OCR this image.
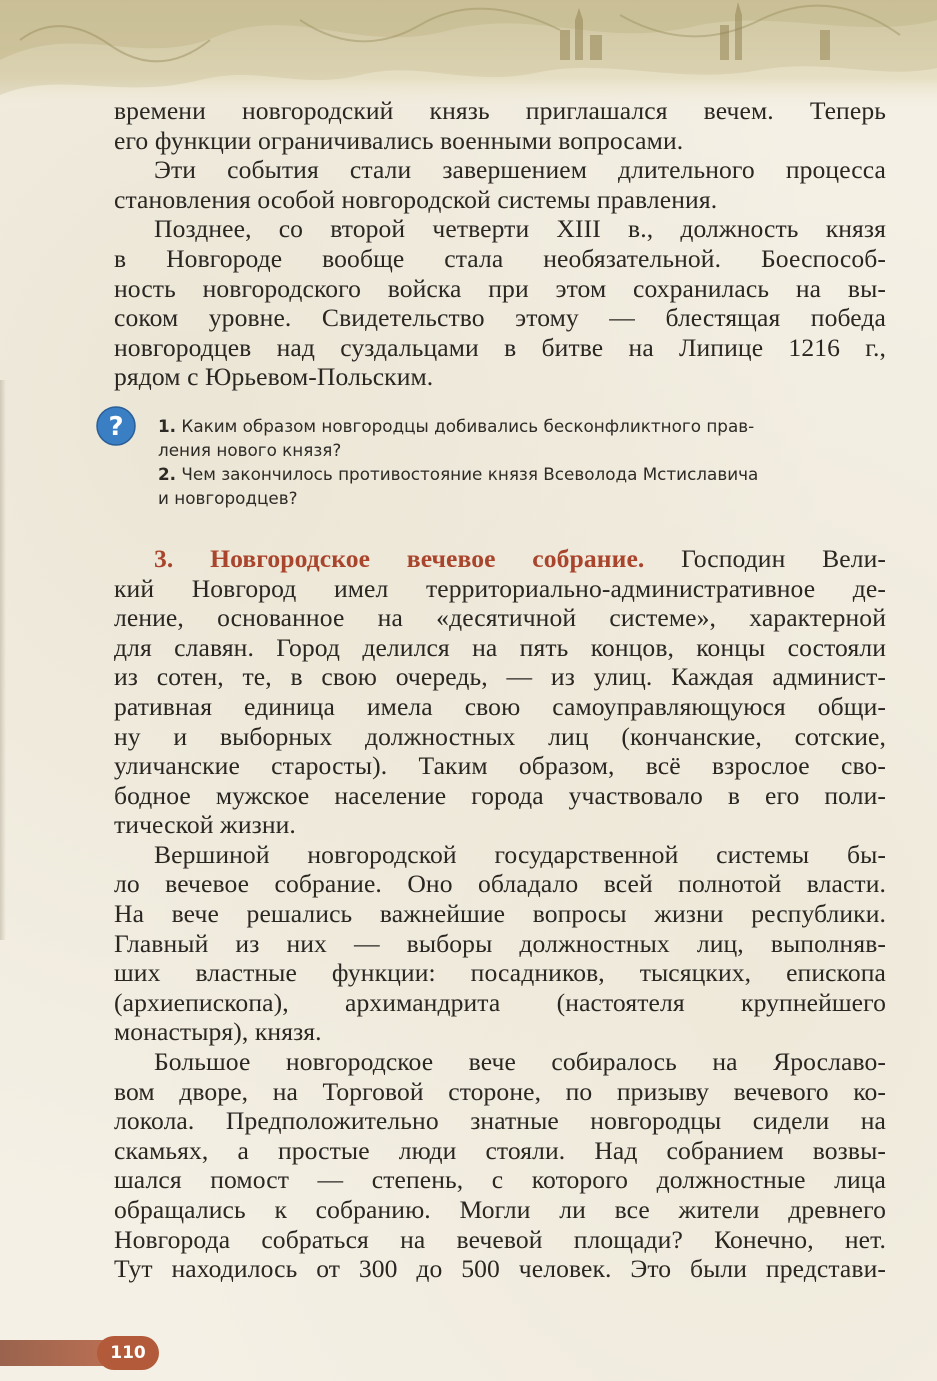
времени новгородский князь приглашался вечем. Теперь
его функции ограничивались военными вопросами.
Эти события стали завершением длительного процесса
становления особой новгородской системы правления.
Позднее, со второй четверти XIII в., должность князя
в Новгороде вообще стала необязательной. Боеспособ-
ность новгородского войска при этом сохранилась на вы-
соком уровне. Свидетельство этому — блестящая победа
новгородцев над суздальцами в битве на Липице 1216 г.,
рядом с Юрьевом-Польским.
? 1. Каким образом новгородцы добивались бесконфликтного прав-
ления нового князя?
2. Чем закончилось противостояние князя Всеволода Мстиславича
и новгородцев?
3. Новгородское вечевое собрание. Господин Вели-
кий Новгород имел территориально-административное де-
ление, основанное на «десятичной системе», характерной
для славян. Город делился на пять концов, концы состояли
из сотен, те, в свою очередь, — из улиц. Каждая админист-
ративная единица имела свою самоуправляющуюся общи-
ну и выборных должностных лиц (кончанские, сотские,
уличанские старосты). Таким образом, всё взрослое сво-
бодное мужское население города участвовало в его поли-
тической жизни.
Вершиной новгородской государственной системы бы-
ло вечевое собрание. Оно обладало всей полнотой власти.
На вече решались важнейшие вопросы жизни республики.
Главный из них — выборы должностных лиц, выполняв-
ших властные функции: посадников, тысяцких, епископа
(архиепископа), архимандрита (настоятеля крупнейшего
монастыря), князя.
Большое новгородское вече собиралось на Ярославо-
вом дворе, на Торговой стороне, по призыву вечевого ко-
локола. Предположительно знатные новгородцы сидели на
скамьях, а простые люди стояли. Над собранием возвы-
шался помост — степень, с которого должностные лица
обращались к собранию. Могли ли все жители древнего
Новгорода собраться на вечевой площади? Конечно, нет.
Тут находилось от 300 до 500 человек. Это были представи-
110
